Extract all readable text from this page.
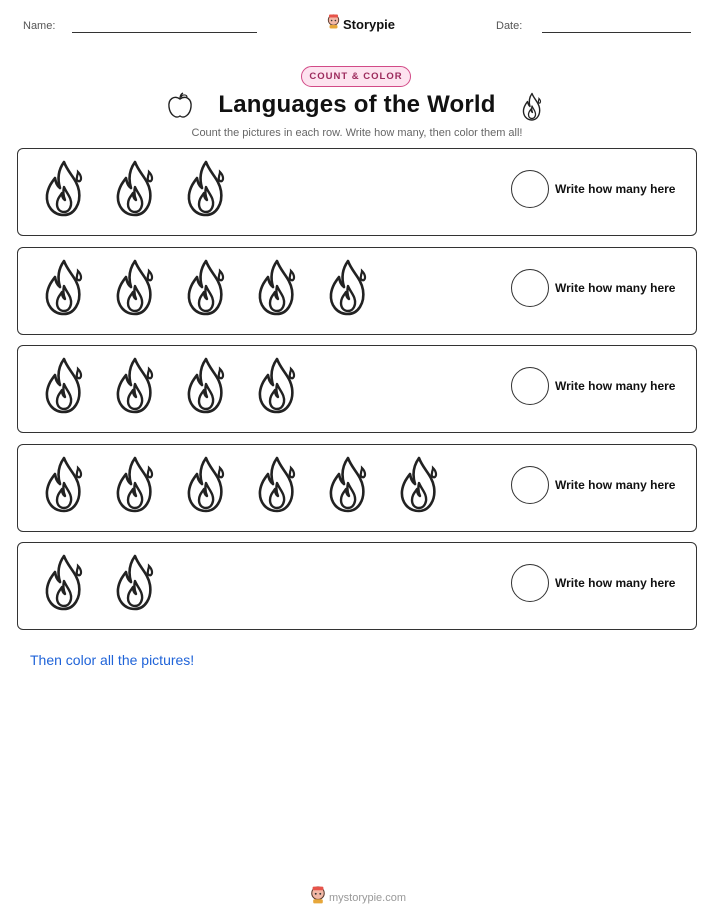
Name:	Storypie	Date:
COUNT & COLOR
Languages of the World
Count the pictures in each row. Write how many, then color them all!
Write how many here
Write how many here
Write how many here
Write how many here
Write how many here
Then color all the pictures!
mystorypie.com
